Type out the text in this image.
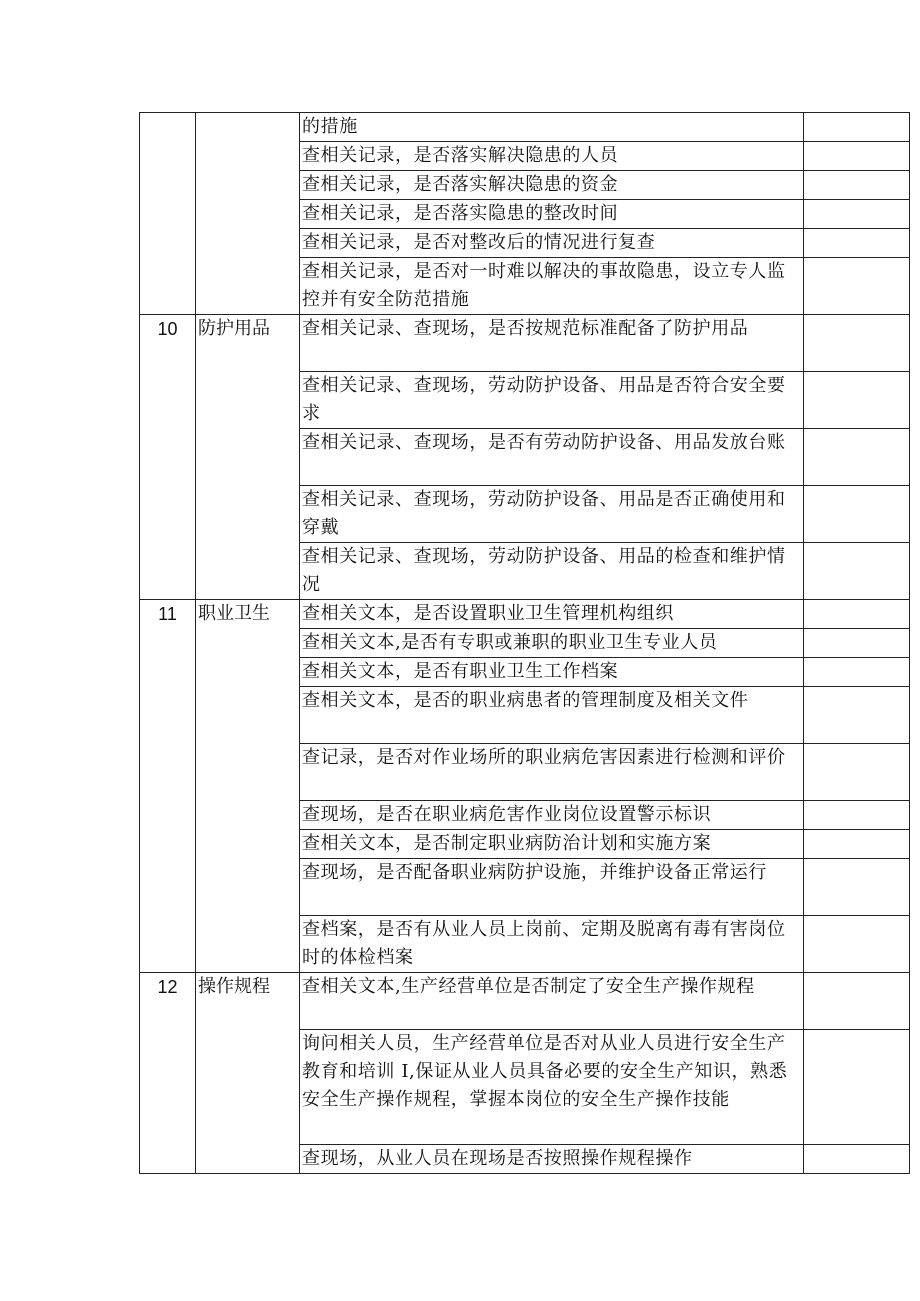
		的措施	
		查相关记录，是否落实解决隐患的人员	
		查相关记录，是否落实解决隐患的资金	
		查相关记录，是否落实隐患的整改时间	
		查相关记录，是否对整改后的情况进行复查	
		查相关记录，是否对一时难以解决的事故隐患，设立专人监控并有安全防范措施	
10	防护用品	查相关记录、查现场，是否按规范标准配备了防护用品	
		查相关记录、查现场，劳动防护设备、用品是否符合安全要求	
		查相关记录、查现场，是否有劳动防护设备、用品发放台账	
		查相关记录、查现场，劳动防护设备、用品是否正确使用和穿戴	
		查相关记录、查现场，劳动防护设备、用品的检查和维护情况	
11	职业卫生	查相关文本，是否设置职业卫生管理机构组织	
		查相关文本,是否有专职或兼职的职业卫生专业人员	
		查相关文本，是否有职业卫生工作档案	
		查相关文本，是否的职业病患者的管理制度及相关文件	
		查记录，是否对作业场所的职业病危害因素进行检测和评价	
		查现场，是否在职业病危害作业岗位设置警示标识	
		查相关文本，是否制定职业病防治计划和实施方案	
		查现场，是否配备职业病防护设施，并维护设备正常运行	
		查档案，是否有从业人员上岗前、定期及脱离有毒有害岗位时的体检档案	
12	操作规程	查相关文本,生产经营单位是否制定了安全生产操作规程	
		询问相关人员，生产经营单位是否对从业人员进行安全生产教育和培训 I,保证从业人员具备必要的安全生产知识，熟悉安全生产操作规程，掌握本岗位的安全生产操作技能	
		查现场，从业人员在现场是否按照操作规程操作	
